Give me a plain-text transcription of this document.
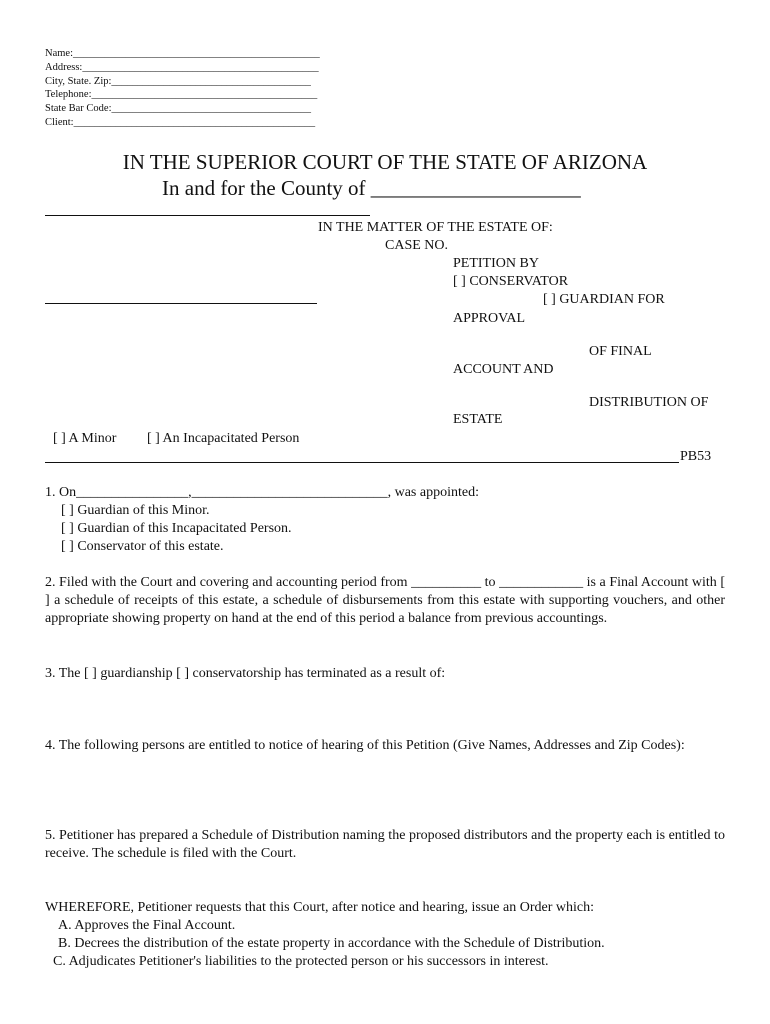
Name:_______________________________________________
Address:_____________________________________________
City, State. Zip:______________________________________
Telephone:___________________________________________
State Bar Code:______________________________________
Client:______________________________________________
IN THE SUPERIOR COURT OF THE STATE OF ARIZONA
In and for the County of ____________________
IN THE MATTER OF THE ESTATE OF:
CASE NO.
PETITION BY
[ ] CONSERVATOR
[ ] GUARDIAN FOR
APPROVAL
OF FINAL
ACCOUNT AND
DISTRIBUTION OF
ESTATE
[ ] A Minor [ ] An Incapacitated Person
PB53
1. On________________,____________________________, was appointed:
[ ] Guardian of this Minor.
[ ] Guardian of this Incapacitated Person.
[ ] Conservator of this estate.
2. Filed with the Court and covering and accounting period from __________ to ____________ is a Final Account with [ ] a schedule of receipts of this estate, a schedule of disbursements from this estate with supporting vouchers, and other appropriate showing property on hand at the end of this period a balance from previous accountings.
3. The [ ] guardianship [ ] conservatorship has terminated as a result of:
4. The following persons are entitled to notice of hearing of this Petition (Give Names, Addresses and Zip Codes):
5. Petitioner has prepared a Schedule of Distribution naming the proposed distributors and the property each is entitled to receive. The schedule is filed with the Court.
WHEREFORE, Petitioner requests that this Court, after notice and hearing, issue an Order which:
A. Approves the Final Account.
B. Decrees the distribution of the estate property in accordance with the Schedule of Distribution.
C. Adjudicates Petitioner's liabilities to the protected person or his successors in interest.
